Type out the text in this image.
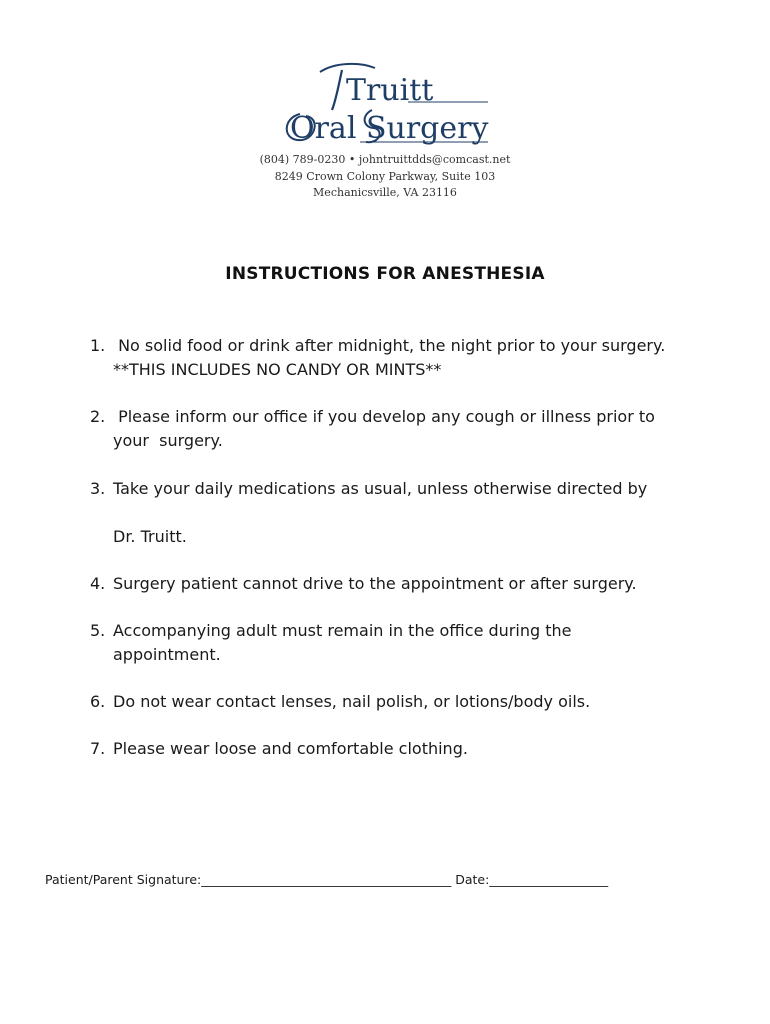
Truitt
Oral Surgery
(804) 789-0230 • johntruittdds@comcast.net
8249 Crown Colony Parkway, Suite 103
Mechanicsville, VA 23116
INSTRUCTIONS FOR ANESTHESIA
1. No solid food or drink after midnight, the night prior to your surgery.
**THIS INCLUDES NO CANDY OR MINTS**
2. Please inform our office if you develop any cough or illness prior to
your  surgery.
3. Take your daily medications as usual, unless otherwise directed by

Dr. Truitt.
4. Surgery patient cannot drive to the appointment or after surgery.
5. Accompanying adult must remain in the office during the
appointment.
6. Do not wear contact lenses, nail polish, or lotions/body oils.
7. Please wear loose and comfortable clothing.
Patient/Parent Signature:________________________________________ Date:___________________
